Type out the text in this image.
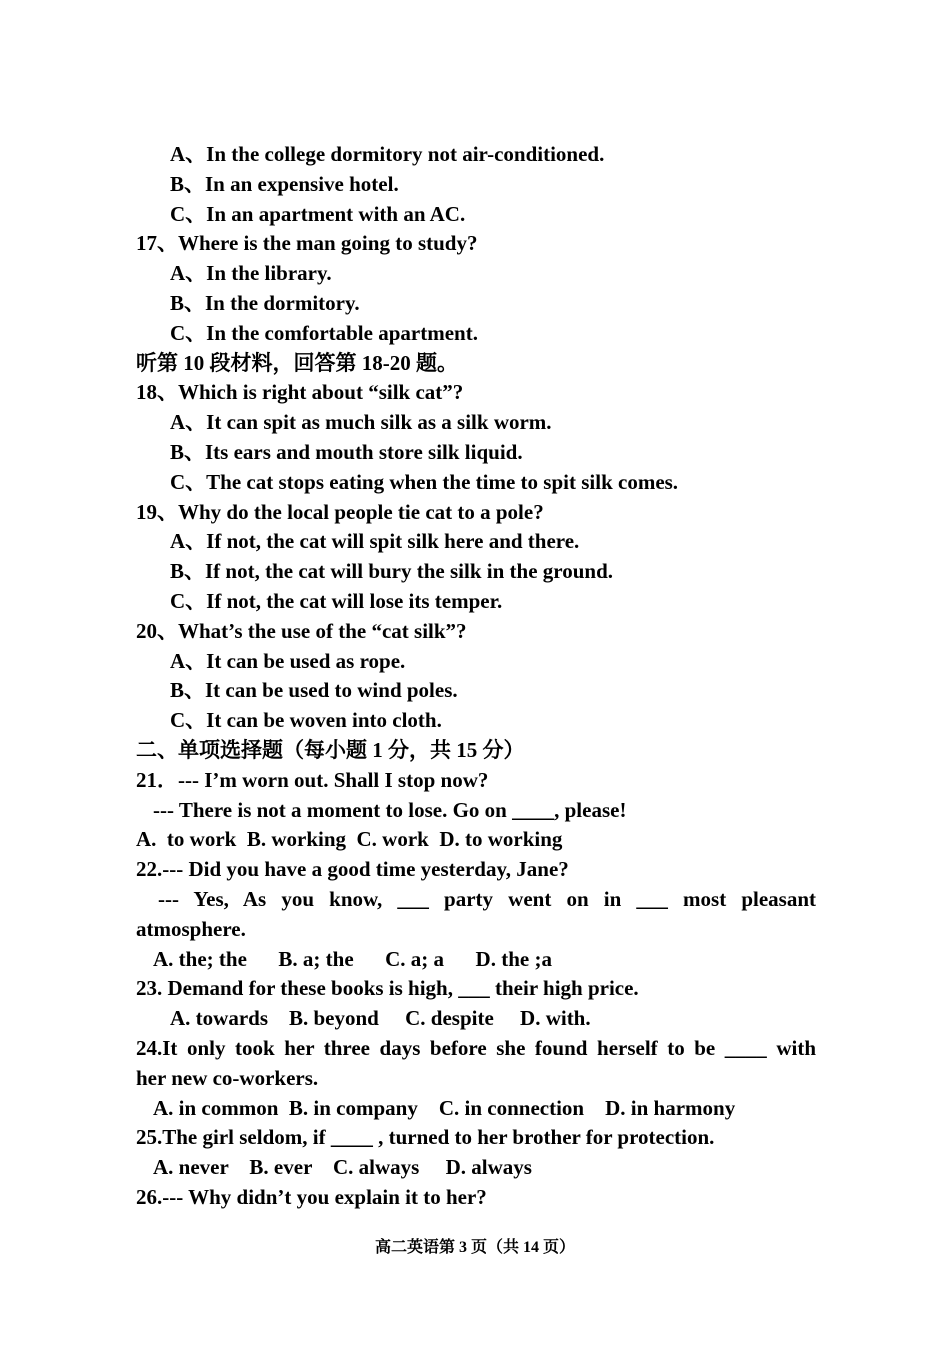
A、In the college dormitory not air-conditioned.
B、In an expensive hotel.
C、In an apartment with an AC.
17、Where is the man going to study?
A、In the library.
B、In the dormitory.
C、In the comfortable apartment.
听第 10 段材料，回答第 18-20 题。
18、Which is right about “silk cat”?
A、It can spit as much silk as a silk worm.
B、Its ears and mouth store silk liquid.
C、The cat stops eating when the time to spit silk comes.
19、Why do the local people tie cat to a pole?
A、If not, the cat will spit silk here and there.
B、If not, the cat will bury the silk in the ground.
C、If not, the cat will lose its temper.
20、What’s the use of the “cat silk”?
A、It can be used as rope.
B、It can be used to wind poles.
C、It can be woven into cloth.
二、单项选择题（每小题 1 分，共 15 分）
21．--- I’m worn out. Shall I stop now?
--- There is not a moment to lose. Go on ____, please!
A.  to work  B. working  C. work  D. to working
22.--- Did you have a good time yesterday, Jane?
--- Yes, As you know, ___ party went on in ___ most pleasant
atmosphere.
A. the; the      B. a; the      C. a; a      D. the ;a
23. Demand for these books is high, ___ their high price.
A. towards    B. beyond     C. despite     D. with.
24.It only took her three days before she found herself to be ____ with
her new co-workers.
A. in common  B. in company    C. in connection    D. in harmony
25.The girl seldom, if ____ , turned to her brother for protection.
A. never    B. ever    C. always     D. always
26.--- Why didn’t you explain it to her?
高二英语第 3 页（共 14 页）
